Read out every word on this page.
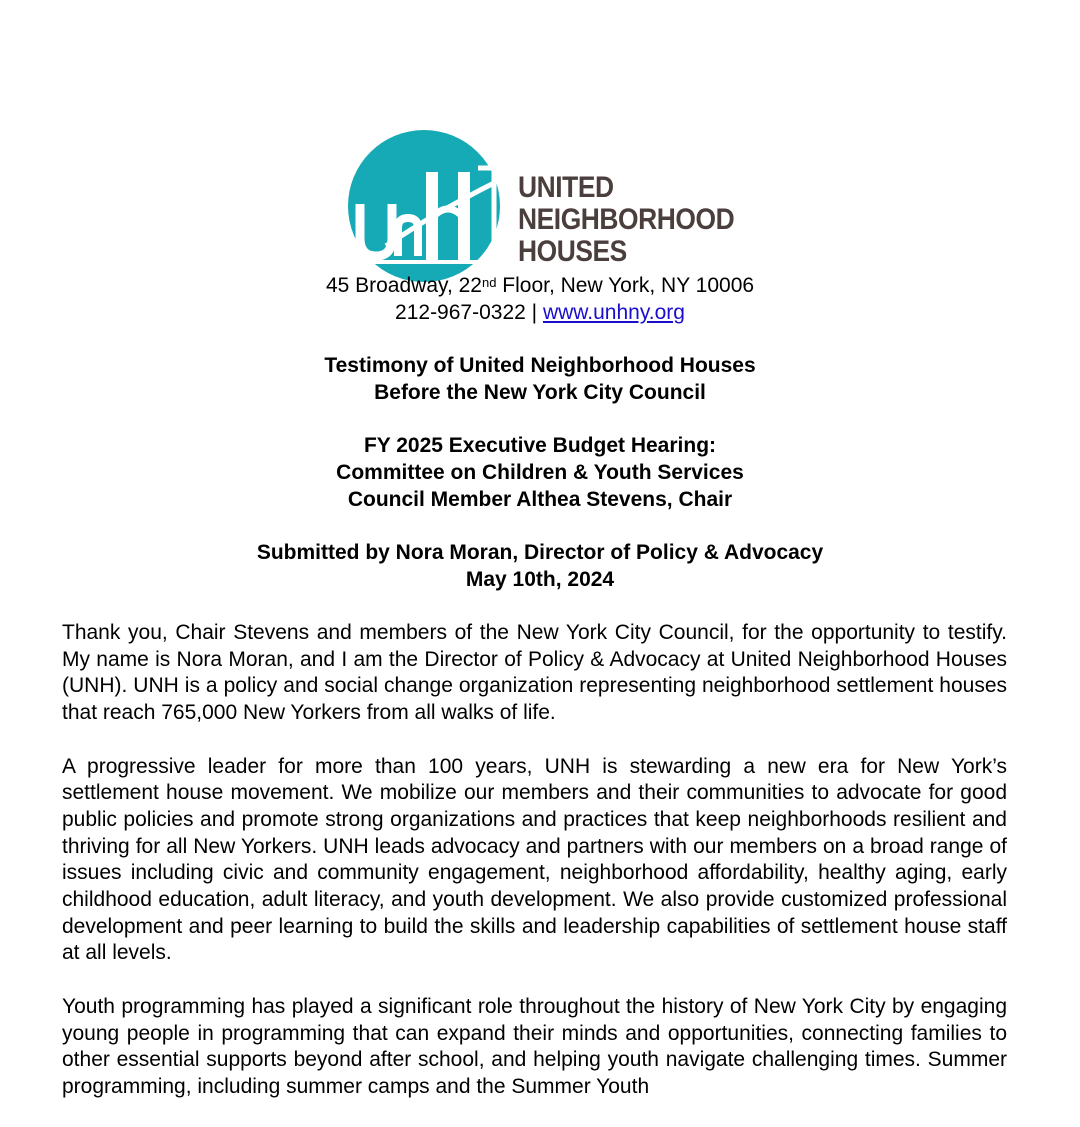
UNITED
NEIGHBORHOOD
HOUSES
45 Broadway, 22nd Floor, New York, NY 10006
212-967-0322 | www.unhny.org
Testimony of United Neighborhood Houses
Before the New York City Council
FY 2025 Executive Budget Hearing:
Committee on Children & Youth Services
Council Member Althea Stevens, Chair
Submitted by Nora Moran, Director of Policy & Advocacy
May 10th, 2024

Thank you, Chair Stevens and members of the New York City Council, for the opportunity to testify. My name is Nora Moran, and I am the Director of Policy & Advocacy at United Neighborhood Houses (UNH). UNH is a policy and social change organization representing neighborhood settlement houses that reach 765,000 New Yorkers from all walks of life.

A progressive leader for more than 100 years, UNH is stewarding a new era for New York’s settlement house movement. We mobilize our members and their communities to advocate for good public policies and promote strong organizations and practices that keep neighborhoods resilient and thriving for all New Yorkers. UNH leads advocacy and partners with our members on a broad range of issues including civic and community engagement, neighborhood affordability, healthy aging, early childhood education, adult literacy, and youth development. We also provide customized professional development and peer learning to build the skills and leadership capabilities of settlement house staff at all levels.

Youth programming has played a significant role throughout the history of New York City by engaging young people in programming that can expand their minds and opportunities, connecting families to other essential supports beyond after school, and helping youth navigate challenging times. Summer programming, including summer camps and the Summer Youth
